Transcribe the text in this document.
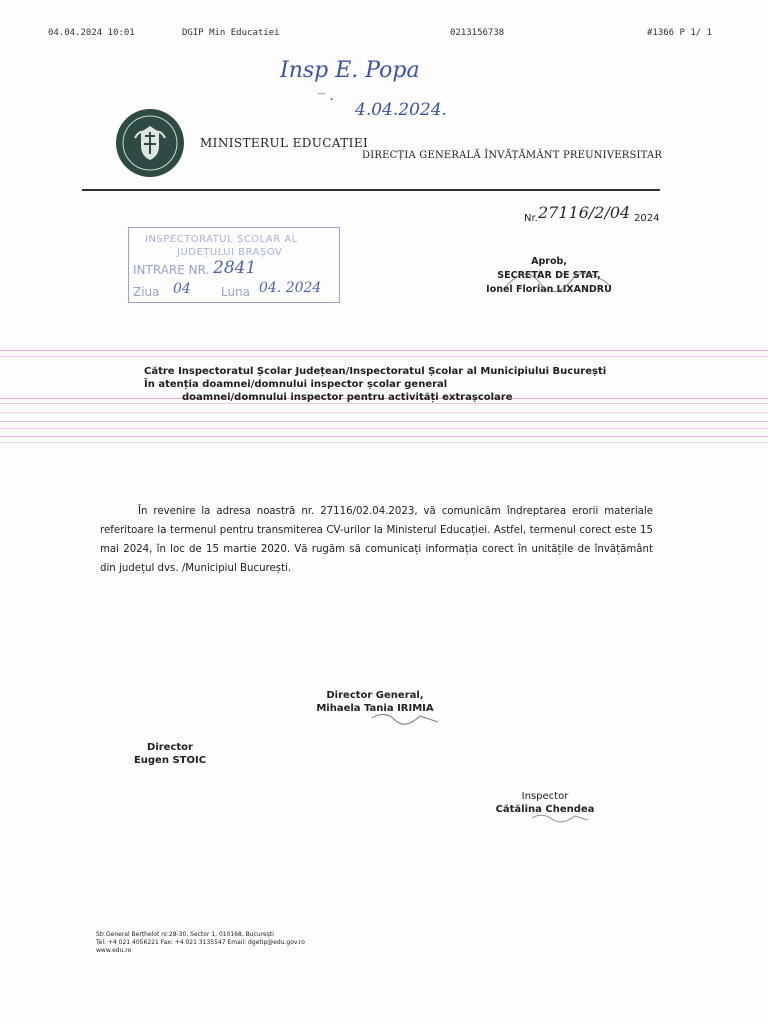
04.04.2024 10:01	DGIP Min Educatiei	0213156738	#1366 P 1/ 1
Insp E. Popa
4.04.2024.
‾ ·
MINISTERUL EDUCAȚIEI
DIRECȚIA GENERALĂ ÎNVĂȚĂMÂNT PREUNIVERSITAR
Nr. 27116/2/04 2024
INSPECTORATUL ȘCOLAR AL
JUDEȚULUI BRAȘOV
INTRARE NR. 2841
Ziua 04	Luna 04. 2024
Aprob,
SECRETAR DE STAT,
Ionel Florian LIXANDRU
Către Inspectoratul Școlar Județean/Inspectoratul Școlar al Municipiului București
În atenția doamnei/domnului inspector școlar general
doamnei/domnului inspector pentru activități extrașcolare
În revenire la adresa noastră nr. 27116/02.04.2023, vă comunicăm îndreptarea erorii materiale referitoare la termenul pentru transmiterea CV-urilor la Ministerul Educației. Astfel, termenul corect este 15 mai 2024, în loc de 15 martie 2020. Vă rugăm să comunicați informația corect în unitățile de învățământ din județul dvs. /Municipiul București.
Director General,
Mihaela Tania IRIMIA
Director
Eugen STOIC
Inspector
Cătălina Chendea
Str.General Berthelot nr.28-30, Sector 1, 010168, București
Tel: +4 021 4056221 Fax: +4 021 3135547 Email: dgetip@edu.gov.ro
www.edu.ro
